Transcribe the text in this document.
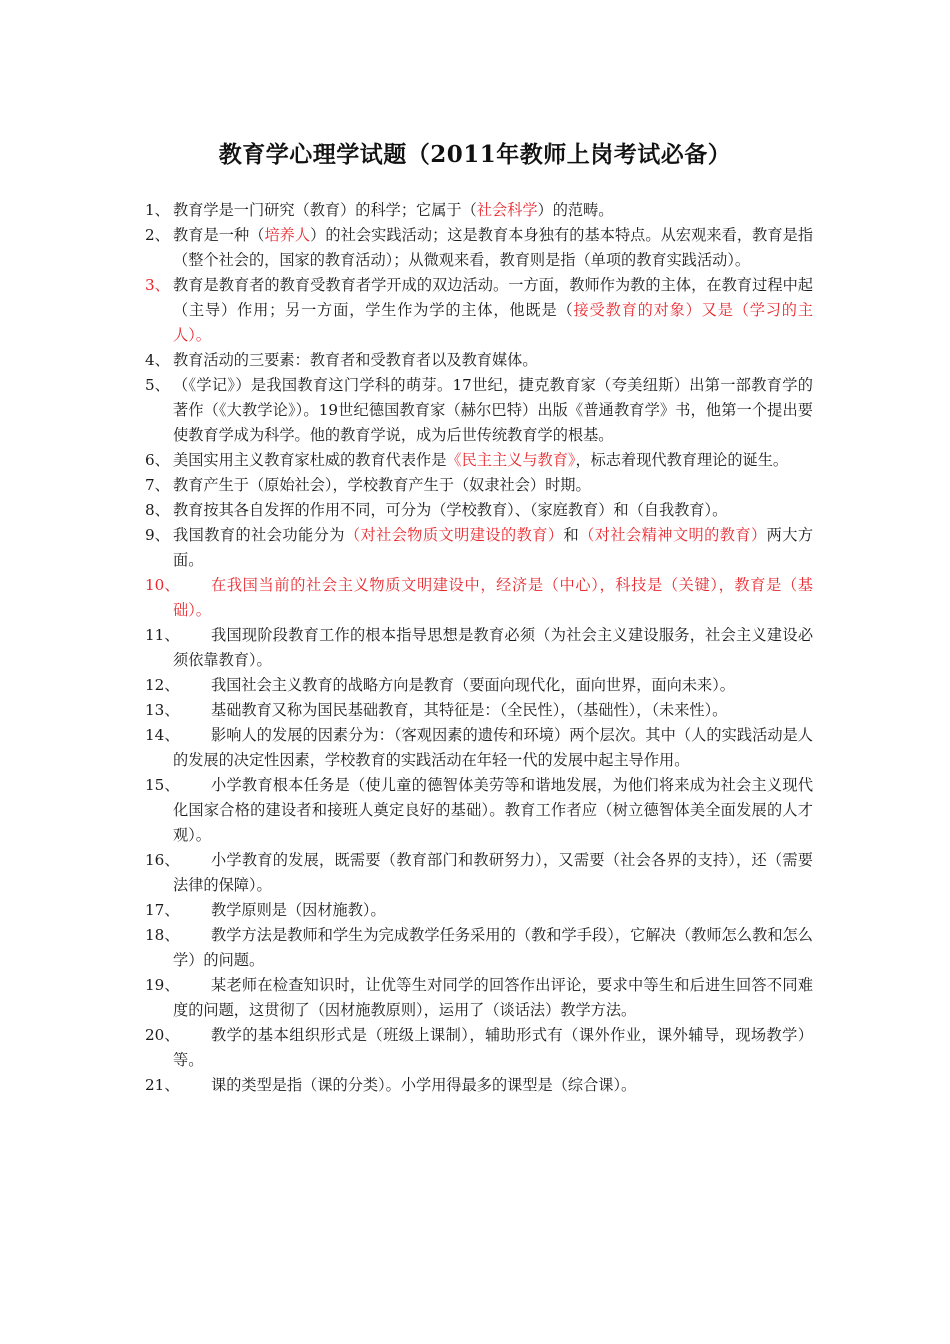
教育学心理学试题（2011年教师上岗考试必备）
1、 教育学是一门研究（教育）的科学；它属于（社会科学）的范畴。
2、 教育是一种（培养人）的社会实践活动；这是教育本身独有的基本特点。从宏观来看，教育是指（整个社会的，国家的教育活动）；从微观来看，教育则是指（单项的教育实践活动）。
3、 教育是教育者的教育受教育者学开成的双边活动。一方面，教师作为教的主体，在教育过程中起（主导）作用；另一方面，学生作为学的主体，他既是（接受教育的对象）又是（学习的主人）。
4、 教育活动的三要素：教育者和受教育者以及教育媒体。
5、 （《学记》）是我国教育这门学科的萌芽。17世纪，捷克教育家（夸美纽斯）出第一部教育学的著作（《大教学论》）。19世纪德国教育家（赫尔巴特）出版《普通教育学》书，他第一个提出要使教育学成为科学。他的教育学说，成为后世传统教育学的根基。
6、 美国实用主义教育家杜威的教育代表作是《民主主义与教育》，标志着现代教育理论的诞生。
7、 教育产生于（原始社会），学校教育产生于（奴隶社会）时期。
8、 教育按其各自发挥的作用不同，可分为（学校教育）、（家庭教育）和（自我教育）。
9、 我国教育的社会功能分为（对社会物质文明建设的教育）和（对社会精神文明的教育）两大方面。
10、	在我国当前的社会主义物质文明建设中，经济是（中心），科技是（关键），教育是（基础）。
11、	我国现阶段教育工作的根本指导思想是教育必须（为社会主义建设服务，社会主义建设必须依靠教育）。
12、	我国社会主义教育的战略方向是教育（要面向现代化，面向世界，面向未来）。
13、	基础教育又称为国民基础教育，其特征是：（全民性），（基础性），（未来性）。
14、	影响人的发展的因素分为：（客观因素的遗传和环境）两个层次。其中（人的实践活动是人的发展的决定性因素，学校教育的实践活动在年轻一代的发展中起主导作用。
15、	小学教育根本任务是（使儿童的德智体美劳等和谐地发展，为他们将来成为社会主义现代化国家合格的建设者和接班人奠定良好的基础）。教育工作者应（树立德智体美全面发展的人才观）。
16、	小学教育的发展，既需要（教育部门和教研努力），又需要（社会各界的支持），还（需要法律的保障）。
17、	教学原则是（因材施教）。
18、	教学方法是教师和学生为完成教学任务采用的（教和学手段），它解决（教师怎么教和怎么学）的问题。
19、	某老师在检查知识时，让优等生对同学的回答作出评论，要求中等生和后进生回答不同难度的问题，这贯彻了（因材施教原则），运用了（谈话法）教学方法。
20、	教学的基本组织形式是（班级上课制），辅助形式有（课外作业，课外辅导，现场教学）等。
21、	课的类型是指（课的分类）。小学用得最多的课型是（综合课）。
